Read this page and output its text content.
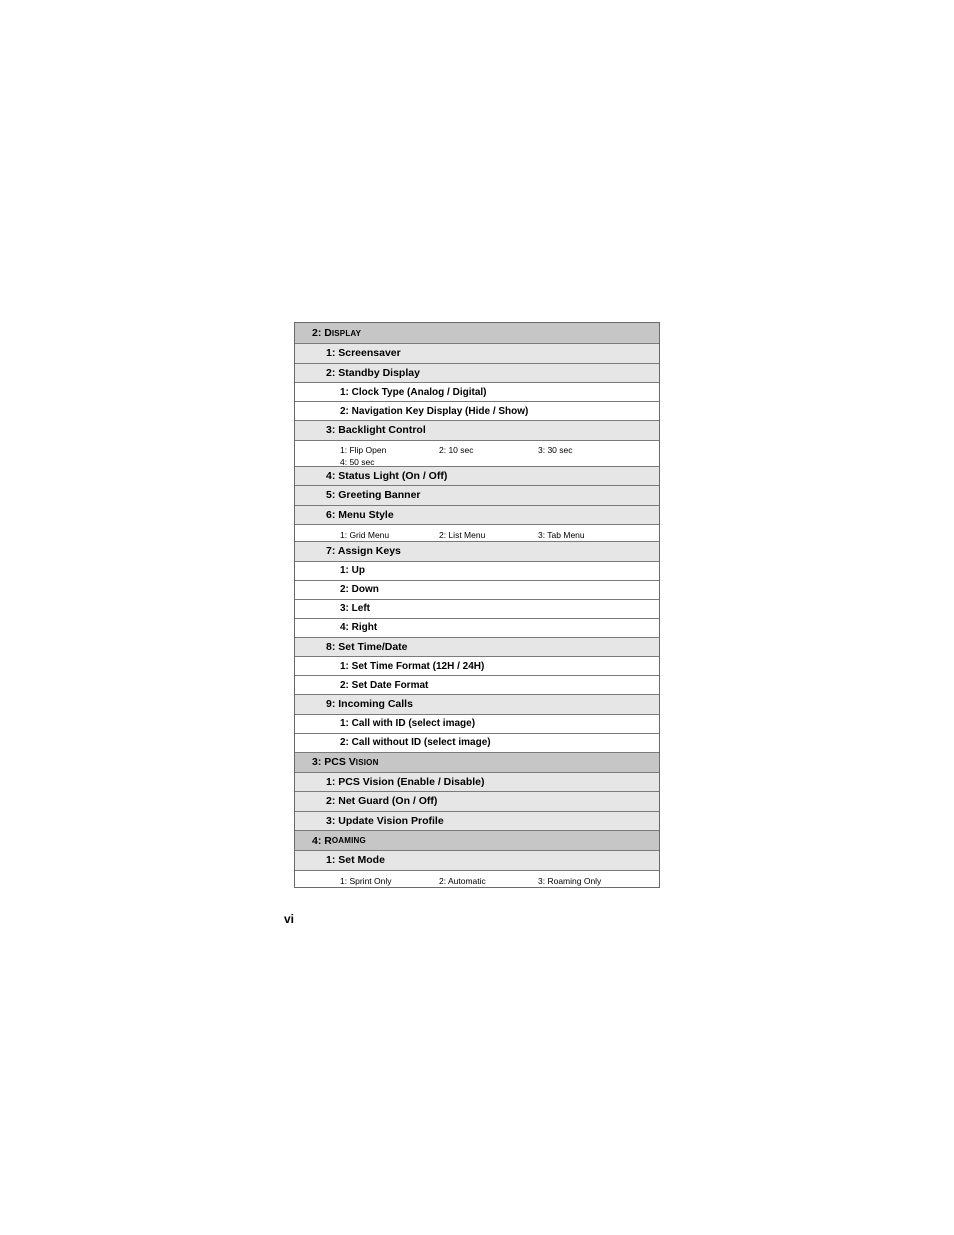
2: D ISPLAY
1: Screensaver
2: Standby Display
1: Clock Type (Analog / Digital)
2: Navigation Key Display (Hide / Show)
3: Backlight Control
1: Flip Open	2: 10 sec	3: 30 sec
4: 50 sec
4: Status Light (On / Off)
5: Greeting Banner
6: Menu Style
1: Grid Menu	2: List Menu	3: Tab Menu
7: Assign Keys
1: Up
2: Down
3: Left
4: Right
8: Set Time/Date
1: Set Time Format (12H / 24H)
2: Set Date Format
9: Incoming Calls
1: Call with ID (select image)
2: Call without ID (select image)
3: PCS V ISION
1: PCS Vision (Enable / Disable)
2: Net Guard (On / Off)
3: Update Vision Profile
4: R OAMING
1: Set Mode
1: Sprint Only	2: Automatic	3: Roaming Only
vi
